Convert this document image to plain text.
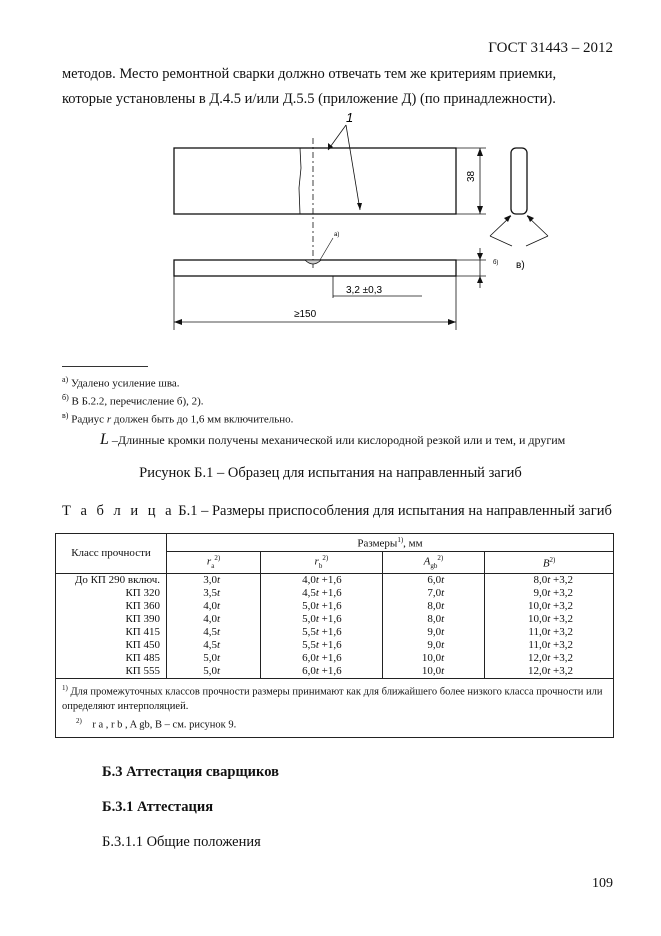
ГОСТ 31443 – 2012
методов. Место ремонтной сварки должно отвечать тем же критериям приемки,
которые установлены в Д.4.5 и/или Д.5.5 (приложение Д) (по принадлежности).
1
38
а)
б)
3,2 ±0,3
≥150
в)
$^{а)}$ Удалено усиление шва.
$^{б)}$ В Б.2.2, перечисление б), 2).
$^{в)}$ Радиус r должен быть до 1,6 мм включительно.
L –Длинные кромки получены механической или кислородной резкой или и тем, и другим
Рисунок Б.1 – Образец для испытания на направленный загиб
Т а б л и ц а Б.1 – Размеры приспособления для испытания на направленный загиб
Класс прочности	Размеры$^{1)}$, мм			
	$r_a^{2)}$	$r_b^{2)}$	$A_{gb}^{2)}$	$B^{2)}$
До КП 290 включ.	3,0t	4,0t +1,6	6,0t	8,0t +3,2
КП 320	3,5t	4,5t +1,6	7,0t	9,0t +3,2
КП 360	4,0t	5,0t +1,6	8,0t	10,0t +3,2
КП 390	4,0t	5,0t +1,6	8,0t	10,0t +3,2
КП 415	4,5t	5,5t +1,6	9,0t	11,0t +3,2
КП 450	4,5t	5,5t +1,6	9,0t	11,0t +3,2
КП 485	5,0t	6,0t +1,6	10,0t	12,0t +3,2
КП 555	5,0t	6,0t +1,6	10,0t	12,0t +3,2

$^{1)}$ Для промежуточных классов прочности размеры принимают как для ближайшего более низкого класса прочности или определяют интерполяцией.
$^{2)}$ r a , r b , A gb, B – см. рисунок 9.				
Б.3 Аттестация сварщиков
Б.3.1 Аттестация
Б.3.1.1 Общие положения
109
